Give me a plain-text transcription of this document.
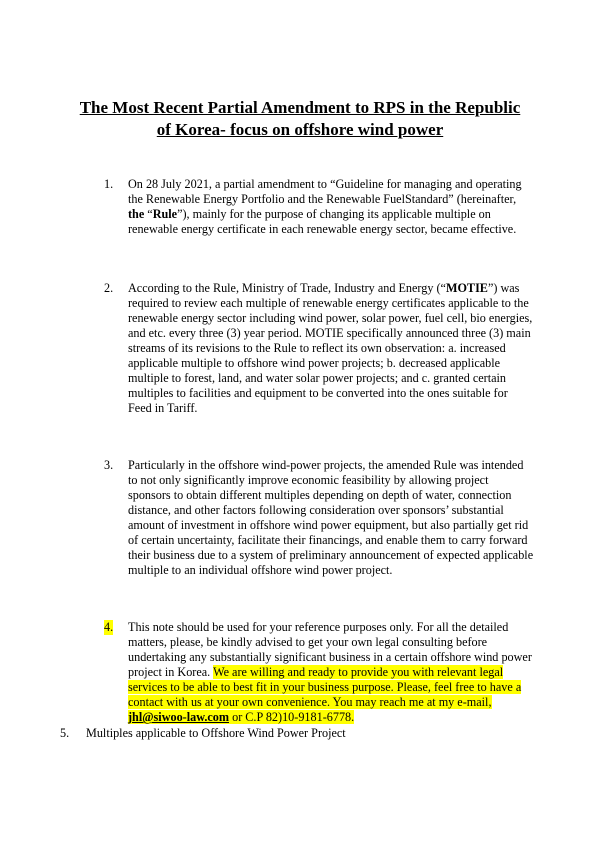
The Most Recent Partial Amendment to RPS in the Republic
of Korea- focus on offshore wind power
1. On 28 July 2021, a partial amendment to “Guideline for managing and operating the Renewable Energy Portfolio and the Renewable FuelStandard” (hereinafter, the “Rule”), mainly for the purpose of changing its applicable multiple on renewable energy certificate in each renewable energy sector, became effective.
2. According to the Rule, Ministry of Trade, Industry and Energy (“MOTIE”) was required to review each multiple of renewable energy certificates applicable to the renewable energy sector including wind power, solar power, fuel cell, bio energies, and etc. every three (3) year period. MOTIE specifically announced three (3) main streams of its revisions to the Rule to reflect its own observation: a. increased applicable multiple to offshore wind power projects; b. decreased applicable multiple to forest, land, and water solar power projects; and c. granted certain multiples to facilities and equipment to be converted into the ones suitable for Feed in Tariff.
3. Particularly in the offshore wind-power projects, the amended Rule was intended to not only significantly improve economic feasibility by allowing project sponsors to obtain different multiples depending on depth of water, connection distance, and other factors following consideration over sponsors’ substantial amount of investment in offshore wind power equipment, but also partially get rid of certain uncertainty, facilitate their financings, and enable them to carry forward their business due to a system of preliminary announcement of expected applicable multiple to an individual offshore wind power project.
4. This note should be used for your reference purposes only. For all the detailed matters, please, be kindly advised to get your own legal consulting before undertaking any substantially significant business in a certain offshore wind power project in Korea. We are willing and ready to provide you with relevant legal services to be able to best fit in your business purpose. Please, feel free to have a contact with us at your own convenience. You may reach me at my e-mail, jhl@siwoo-law.com or C.P 82)10-9181-6778.
5. Multiples applicable to Offshore Wind Power Project
